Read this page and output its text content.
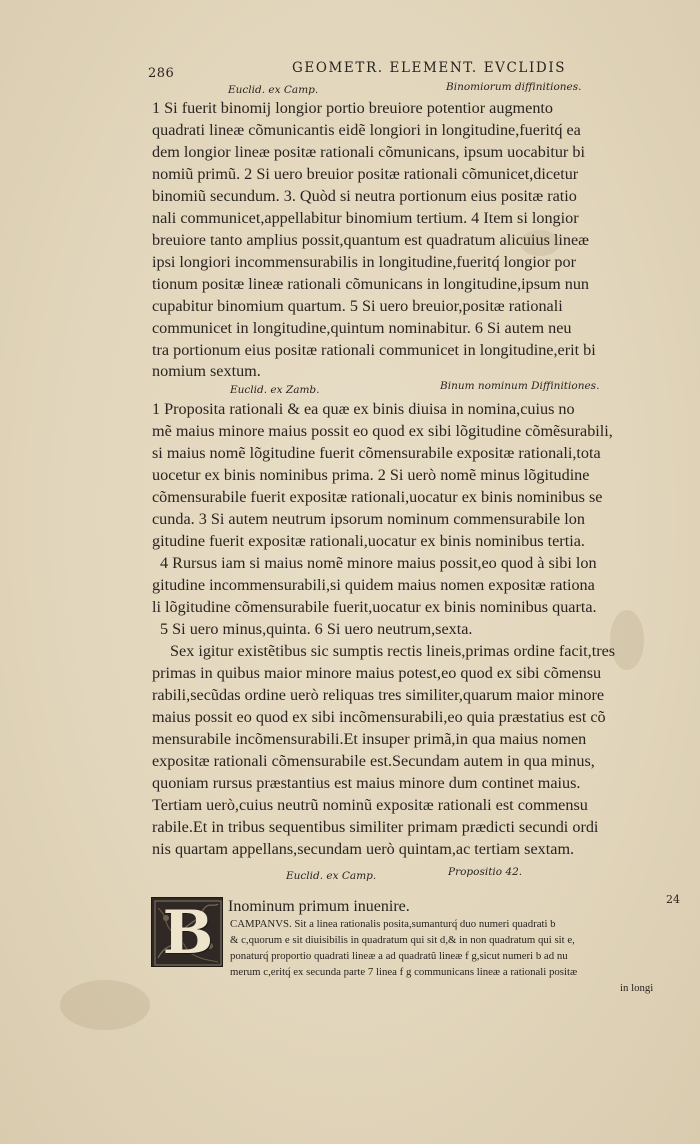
286	GEOMETR. ELEMENT. EVCLIDIS
Euclid. ex Camp.	Binomiorum diffinitiones.
1 Si fuerit binomij longior portio breuiore potentior augmento
quadrati lineæ cõmunicantis eidẽ longiori in longitudine,fueritq́ ea
dem longior lineæ positæ rationali cõmunicans, ipsum uocabitur bi
nomiũ primũ. 2 Si uero breuior positæ rationali cõmunicet,dicetur
binomiũ secundum. 3. Quòd si neutra portionum eius positæ ratio
nali communicet,appellabitur binomium tertium. 4 Item si longior
breuiore tanto amplius possit,quantum est quadratum alicuius lineæ
ipsi longiori incommensurabilis in longitudine,fueritq́ longior por
tionum positæ lineæ rationali cõmunicans in longitudine,ipsum nun
cupabitur binomium quartum. 5 Si uero breuior,positæ rationali
communicet in longitudine,quintum nominabitur. 6 Si autem neu
tra portionum eius positæ rationali communicet in longitudine,erit bi
nomium sextum.
Euclid. ex Zamb.	Binum nominum Diffinitiones.
1 Proposita rationali & ea quæ ex binis diuisa in nomina,cuius no
mẽ maius minore maius possit eo quod ex sibi lõgitudine cõmẽsurabili,
si maius nomẽ lõgitudine fuerit cõmensurabile expositæ rationali,tota
uocetur ex binis nominibus prima. 2 Si uerò nomẽ minus lõgitudine
cõmensurabile fuerit expositæ rationali,uocatur ex binis nominibus se
cunda. 3 Si autem neutrum ipsorum nominum commensurabile lon
gitudine fuerit expositæ rationali,uocatur ex binis nominibus tertia.
4 Rursus iam si maius nomẽ minore maius possit,eo quod à sibi lon
gitudine incommensurabili,si quidem maius nomen expositæ rationa
li lõgitudine cõmensurabile fuerit,uocatur ex binis nominibus quarta.
5 Si uero minus,quinta. 6 Si uero neutrum,sexta.
Sex igitur existẽtibus sic sumptis rectis lineis,primas ordine facit,tres
primas in quibus maior minore maius potest,eo quod ex sibi cõmensu
rabili,secũdas ordine uerò reliquas tres similiter,quarum maior minore
maius possit eo quod ex sibi incõmensurabili,eo quia præstatius est cõ
mensurabile incõmensurabili.Et insuper primã,in qua maius nomen
expositæ rationali cõmensurabile est.Secundam autem in qua minus,
quoniam rursus præstantius est maius minore dum continet maius.
Tertiam uerò,cuius neutrũ nominũ expositæ rationali est commensu
rabile.Et in tribus sequentibus similiter primam prædicti secundi ordi
nis quartam appellans,secundam uerò quintam,ac tertiam sextam.
Euclid. ex Camp.	Propositio 42.
24
B Inominum primum inuenire.
CAMPANVS. Sit a linea rationalis posita,sumanturq́ duo numeri quadrati b
& c,quorum e sit diuisibilis in quadratum qui sit d,& in non quadratum qui sit e,
ponaturq́ proportio quadrati lineæ a ad quadratũ lineæ f g,sicut numeri b ad nu
merum c,eritq́ ex secunda parte 7 linea f g communicans lineæ a rationali positæ
in longi
